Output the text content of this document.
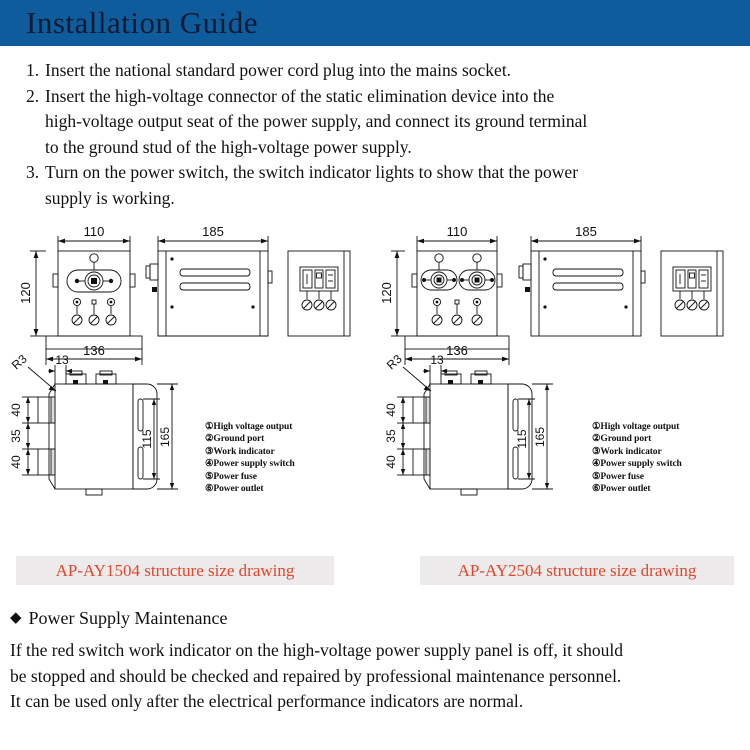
Installation Guide
1. Insert the national standard power cord plug into the mains socket.
2. Insert the high-voltage connector of the static elimination device into the
high-voltage output seat of the power supply, and connect its ground terminal
to the ground stud of the high-voltage power supply.
3. Turn on the power switch, the switch indicator lights to show that the power
supply is working.
110
120
136
185
R3 13
40
35
40
115 165
110
120
136
185
R3 13
40
35
40
115 165
①High voltage output
②Ground port
③Work indicator
④Power supply switch
⑤Power fuse
⑥Power outlet
①High voltage output
②Ground port
③Work indicator
④Power supply switch
⑤Power fuse
⑥Power outlet
AP-AY1504 structure size drawing	AP-AY2504 structure size drawing
◆ Power Supply Maintenance
If the red switch work indicator on the high-voltage power supply panel is off, it should
be stopped and should be checked and repaired by professional maintenance personnel.
It can be used only after the electrical performance indicators are normal.
